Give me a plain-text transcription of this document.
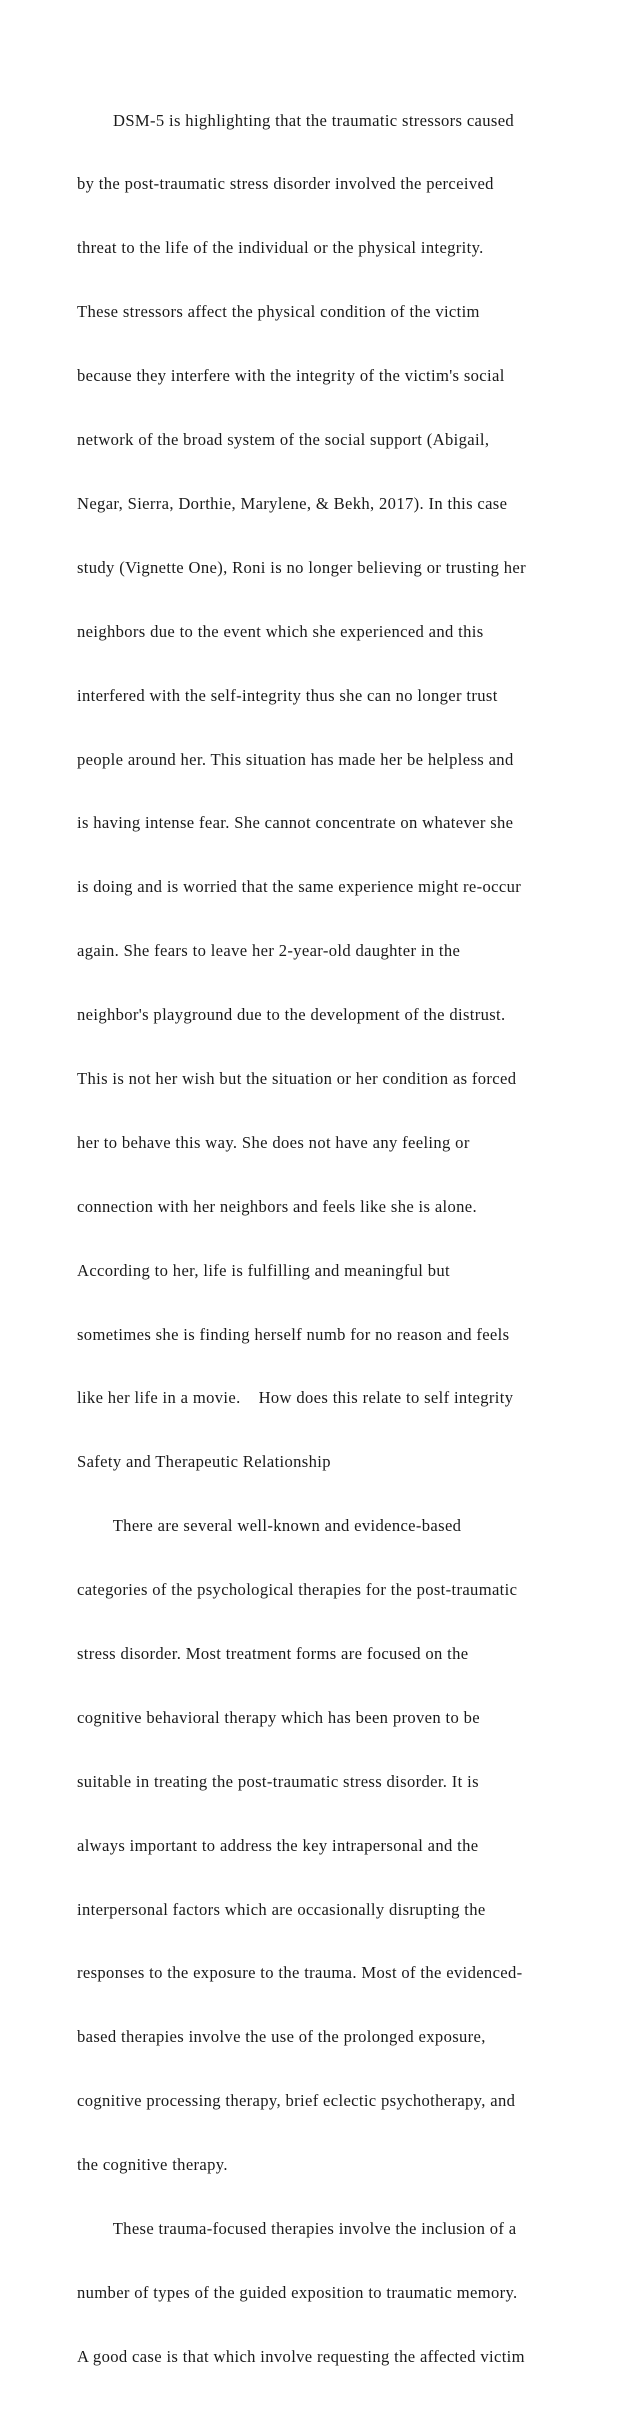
DSM-5 is highlighting that the traumatic stressors caused

by the post-traumatic stress disorder involved the perceived

threat to the life of the individual or the physical integrity.

These stressors affect the physical condition of the victim

because they interfere with the integrity of the victim's social

network of the broad system of the social support (Abigail,

Negar, Sierra, Dorthie, Marylene, & Bekh, 2017). In this case

study (Vignette One), Roni is no longer believing or trusting her

neighbors due to the event which she experienced and this

interfered with the self-integrity thus she can no longer trust

people around her. This situation has made her be helpless and

is having intense fear. She cannot concentrate on whatever she

is doing and is worried that the same experience might re-occur

again. She fears to leave her 2-year-old daughter in the

neighbor's playground due to the development of the distrust.

This is not her wish but the situation or her condition as forced

her to behave this way. She does not have any feeling or

connection with her neighbors and feels like she is alone.

According to her, life is fulfilling and meaningful but

sometimes she is finding herself numb for no reason and feels

like her life in a movie.    How does this relate to self integrity

Safety and Therapeutic Relationship

There are several well-known and evidence-based

categories of the psychological therapies for the post-traumatic

stress disorder. Most treatment forms are focused on the

cognitive behavioral therapy which has been proven to be

suitable in treating the post-traumatic stress disorder. It is

always important to address the key intrapersonal and the

interpersonal factors which are occasionally disrupting the

responses to the exposure to the trauma. Most of the evidenced-

based therapies involve the use of the prolonged exposure,

cognitive processing therapy, brief eclectic psychotherapy, and

the cognitive therapy.

These trauma-focused therapies involve the inclusion of a

number of types of the guided exposition to traumatic memory.

A good case is that which involve requesting the affected victim
